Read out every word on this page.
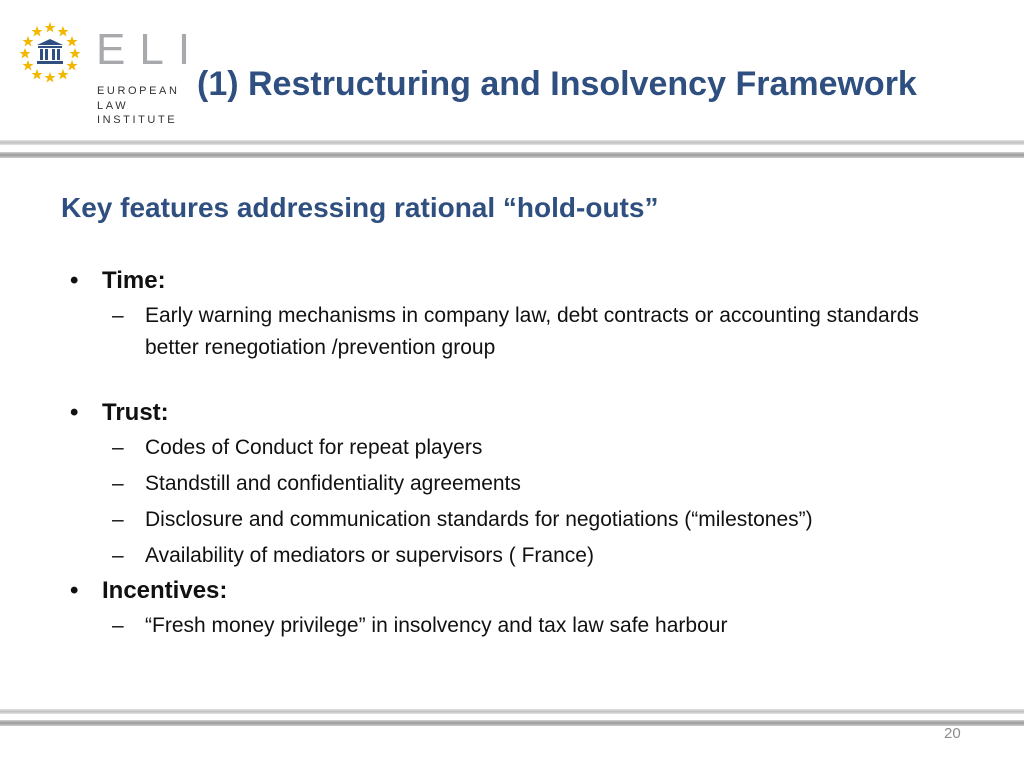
ELI
EUROPEAN
LAW
INSTITUTE
(1) Restructuring and Insolvency Framework
Key features addressing rational “hold-outs”
• Time:
– Early warning mechanisms in company law, debt contracts or accounting standards better renegotiation /prevention group
• Trust:
– Codes of Conduct for repeat players
– Standstill and confidentiality agreements
– Disclosure and communication standards for negotiations (“milestones”)
– Availability of mediators or supervisors ( France)
• Incentives:
– “Fresh money privilege” in insolvency and tax law safe harbour
20
